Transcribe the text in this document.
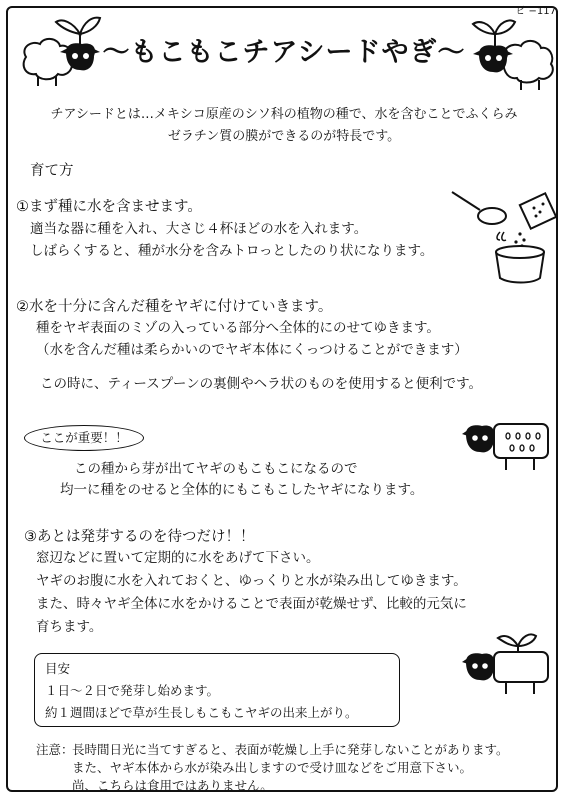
ビ −117
〜もこもこチアシードやぎ〜
チアシードとは…メキシコ原産のシソ科の植物の種で、水を含むことでふくらみ
ゼラチン質の膜ができるのが特長です。
育て方
①まず種に水を含ませます。
適当な器に種を入れ、大さじ４杯ほどの水を入れます。
しばらくすると、種が水分を含みトロっとしたのり状になります。
②水を十分に含んだ種をヤギに付けていきます。
種をヤギ表面のミゾの入っている部分へ全体的にのせてゆきます。
（水を含んだ種は柔らかいのでヤギ本体にくっつけることができます）
この時に、ティースプーンの裏側やヘラ状のものを使用すると便利です。
ここが重要！！
この種から芽が出てヤギのもこもこになるので
均一に種をのせると全体的にもこもこしたヤギになります。
③あとは発芽するのを待つだけ！！
窓辺などに置いて定期的に水をあげて下さい。
ヤギのお腹に水を入れておくと、ゆっくりと水が染み出してゆきます。
また、時々ヤギ全体に水をかけることで表面が乾燥せず、比較的元気に
育ちます。
目安
１日〜２日で発芽し始めます。
約１週間ほどで草が生長しもこもこヤギの出来上がり。
注意：
長時間日光に当てすぎると、表面が乾燥し上手に発芽しないことがあります。
また、ヤギ本体から水が染み出しますので受け皿などをご用意下さい。
尚、こちらは食用ではありません。
